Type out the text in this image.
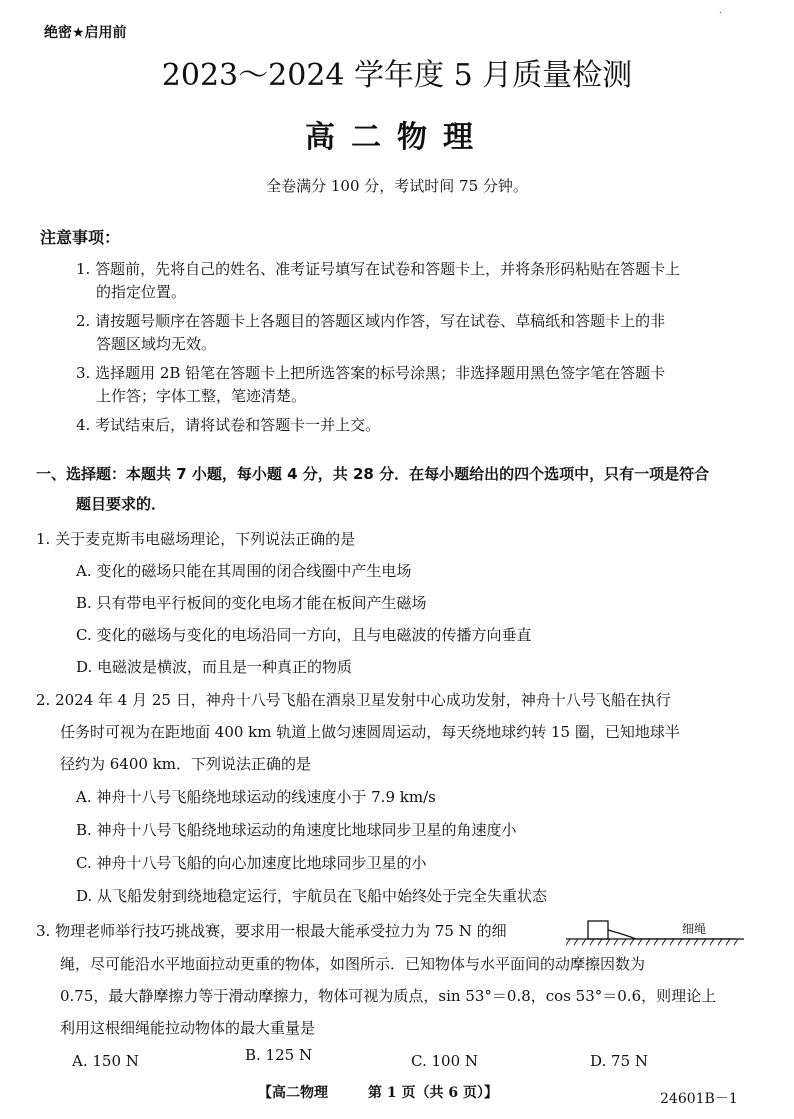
绝密★启用前
·
2023～2024 学年度 5 月质量检测
高二物理
全卷满分 100 分，考试时间 75 分钟。
注意事项：
1. 答题前，先将自己的姓名、准考证号填写在试卷和答题卡上，并将条形码粘贴在答题卡上
的指定位置。
2. 请按题号顺序在答题卡上各题目的答题区域内作答，写在试卷、草稿纸和答题卡上的非
答题区域均无效。
3. 选择题用 2B 铅笔在答题卡上把所选答案的标号涂黑；非选择题用黑色签字笔在答题卡
上作答；字体工整，笔迹清楚。
4. 考试结束后，请将试卷和答题卡一并上交。
一、选择题：本题共 7 小题，每小题 4 分，共 28 分．在每小题给出的四个选项中，只有一项是符合
题目要求的．
1. 关于麦克斯韦电磁场理论，下列说法正确的是
A. 变化的磁场只能在其周围的闭合线圈中产生电场
B. 只有带电平行板间的变化电场才能在板间产生磁场
C. 变化的磁场与变化的电场沿同一方向，且与电磁波的传播方向垂直
D. 电磁波是横波，而且是一种真正的物质
2. 2024 年 4 月 25 日，神舟十八号飞船在酒泉卫星发射中心成功发射，神舟十八号飞船在执行
任务时可视为在距地面 400 km 轨道上做匀速圆周运动，每天绕地球约转 15 圈，已知地球半
径约为 6400 km．下列说法正确的是
A. 神舟十八号飞船绕地球运动的线速度小于 7.9 km/s
B. 神舟十八号飞船绕地球运动的角速度比地球同步卫星的角速度小
C. 神舟十八号飞船的向心加速度比地球同步卫星的小
D. 从飞船发射到绕地稳定运行，宇航员在飞船中始终处于完全失重状态
3. 物理老师举行技巧挑战赛，要求用一根最大能承受拉力为 75 N 的细
绳，尽可能沿水平地面拉动更重的物体，如图所示．已知物体与水平面间的动摩擦因数为
0.75，最大静摩擦力等于滑动摩擦力，物体可视为质点，sin 53°＝0.8，cos 53°＝0.6，则理论上
利用这根细绳能拉动物体的最大重量是
细绳
A. 150 N	B. 125 N	C. 100 N	D. 75 N
【高二物理	第 1 页（共 6 页）】	24601B－1
